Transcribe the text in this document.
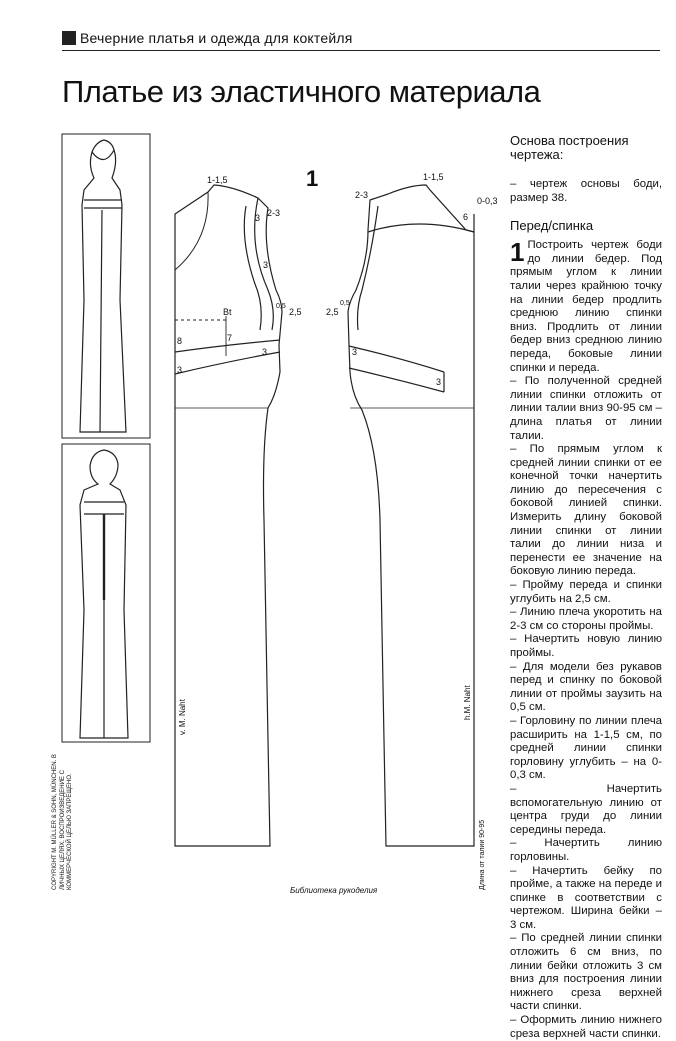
Вечерние платья и одежда для коктейля
Платье из эластичного материала
1
1-1,5
2-3
3
3
0,5
2,5
Bt
8	7
3
3
2-3
1-1,5
0-0,3
6
0,5
2,5
3
3
v. M. Naht	h.M. Naht
Длина от талии 90-95
COPYRIGHT M. MÜLLER & SOHN, MÜNCHEN. В ЛИЧНЫХ ЦЕЛЯХ. ВОСПРОИЗВЕДЕНИЕ С КОММЕРЧЕСКОЙ ЦЕЛЬЮ ЗАПРЕЩЕНО.
Основа построения чертежа:

– чертеж основы боди, размер 38.

Перед/спинка
1 Построить чертеж боди до линии бедер. Под прямым углом к линии талии через крайнюю точку на линии бедер продлить среднюю линию спинки вниз. Продлить от линии бедер вниз среднюю линию переда, боковые линии спинки и переда.

– По полученной средней линии спинки отложить от линии талии вниз 90-95 см – длина платья от линии талии.

– По прямым углом к средней линии спинки от ее конечной точки начертить линию до пересечения с боковой линией спинки. Измерить длину боковой линии спинки от линии талии до линии низа и перенести ее значение на боковую линию переда.

– Пройму переда и спинки углубить на 2,5 см.

– Линию плеча укоротить на 2-3 см со стороны проймы.

– Начертить новую линию проймы.

– Для модели без рукавов перед и спинку по боковой линии от проймы заузить на 0,5 см.

– Горловину по линии плеча расширить на 1-1,5 см, по средней линии спинки горловину углубить – на 0-0,3 см.

– Начертить вспомогательную линию от центра груди до линии середины переда.

– Начертить линию горловины.

– Начертить бейку по пройме, а также на переде и спинке в соответствии с чертежом. Ширина бейки – 3 см.

– По средней линии спинки отложить 6 см вниз, по линии бейки отложить 3 см вниз для построения линии нижнего среза верхней части спинки.

– Оформить линию нижнего среза верхней части спинки.

Библиотека рукоделия
